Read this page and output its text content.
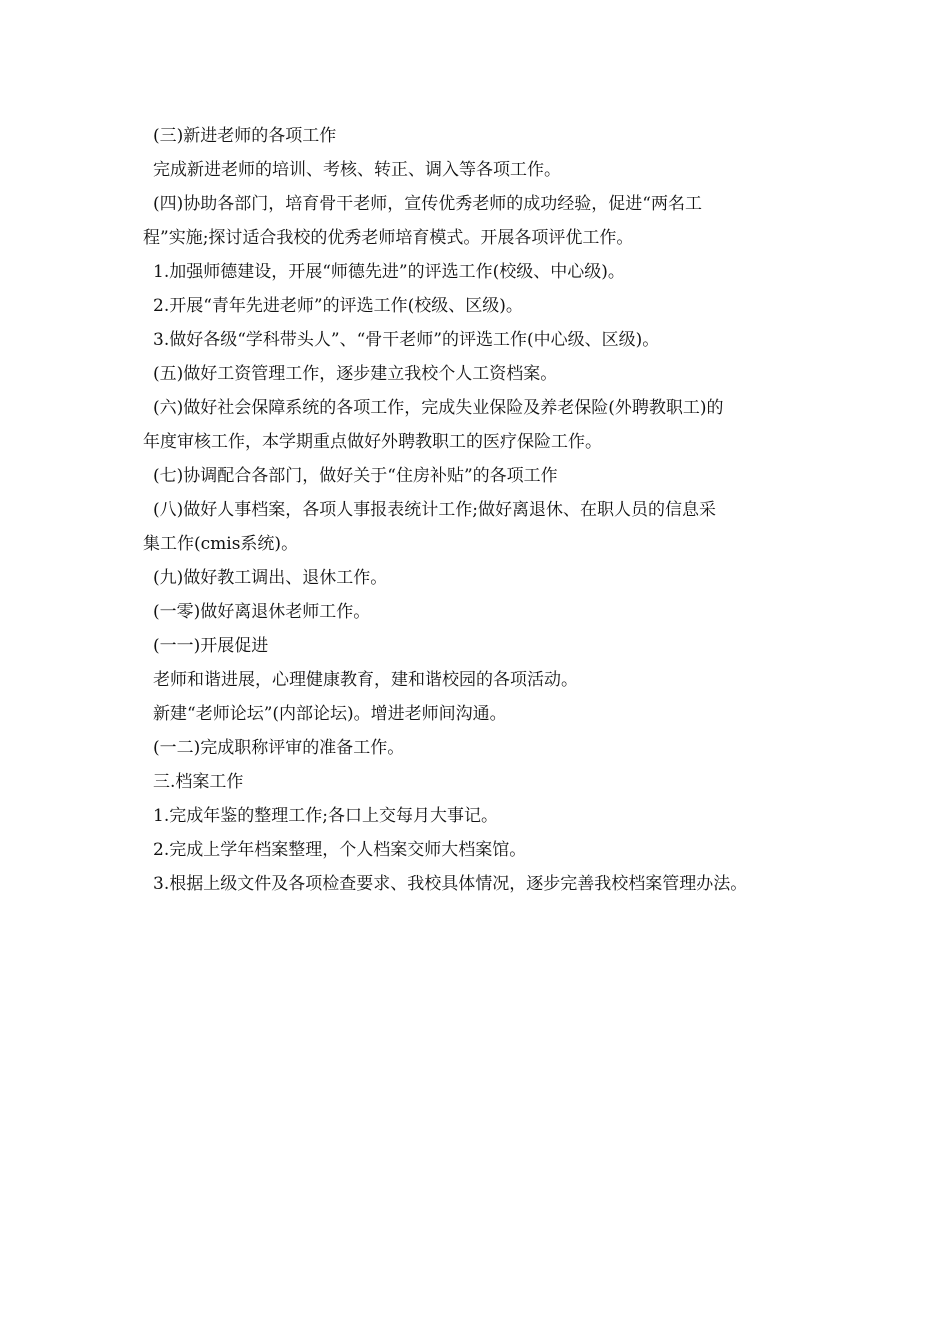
(三)新进老师的各项工作
完成新进老师的培训、考核、转正、调入等各项工作。
(四)协助各部门，培育骨干老师，宣传优秀老师的成功经验，促进“两名工
程”实施;探讨适合我校的优秀老师培育模式。开展各项评优工作。
1.加强师德建设，开展“师德先进”的评选工作(校级、中心级)。
2.开展“青年先进老师”的评选工作(校级、区级)。
3.做好各级“学科带头人”、“骨干老师”的评选工作(中心级、区级)。
(五)做好工资管理工作，逐步建立我校个人工资档案。
(六)做好社会保障系统的各项工作，完成失业保险及养老保险(外聘教职工)的
年度审核工作，本学期重点做好外聘教职工的医疗保险工作。
(七)协调配合各部门，做好关于“住房补贴”的各项工作
(八)做好人事档案，各项人事报表统计工作;做好离退休、在职人员的信息采
集工作(cmis系统)。
(九)做好教工调出、退休工作。
(一零)做好离退休老师工作。
(一一)开展促进
老师和谐进展，心理健康教育，建和谐校园的各项活动。
新建“老师论坛”(内部论坛)。增进老师间沟通。
(一二)完成职称评审的准备工作。
三.档案工作
1.完成年鉴的整理工作;各口上交每月大事记。
2.完成上学年档案整理，个人档案交师大档案馆。
3.根据上级文件及各项检查要求、我校具体情况，逐步完善我校档案管理办法。
